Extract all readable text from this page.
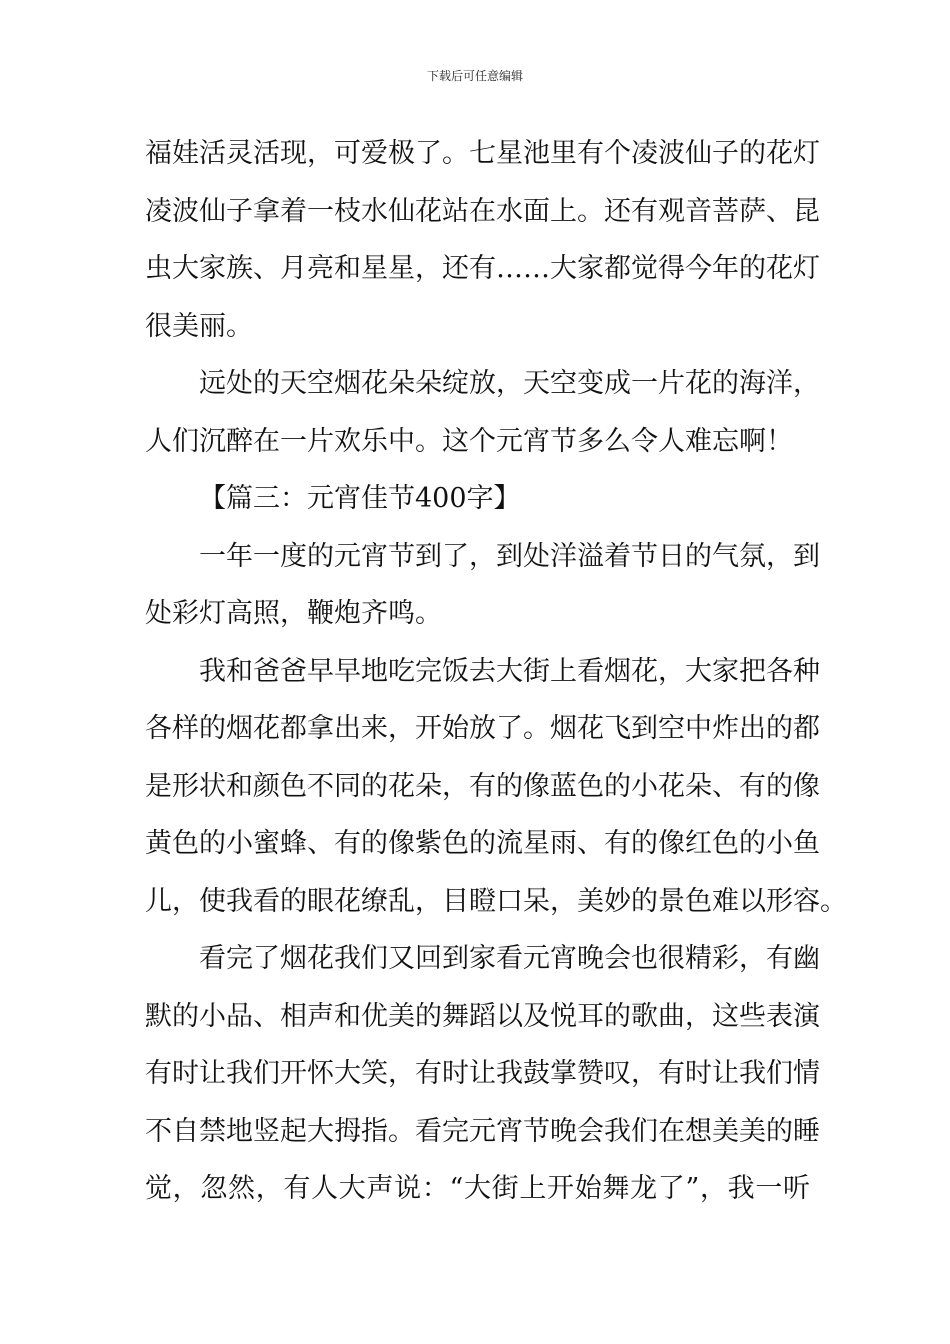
下载后可任意编辑
福娃活灵活现，可爱极了。七星池里有个凌波仙子的花灯
凌波仙子拿着一枝水仙花站在水面上。还有观音菩萨、昆
虫大家族、月亮和星星，还有……大家都觉得今年的花灯
很美丽。
远处的天空烟花朵朵绽放，天空变成一片花的海洋，
人们沉醉在一片欢乐中。这个元宵节多么令人难忘啊！
【篇三：元宵佳节400字】
一年一度的元宵节到了，到处洋溢着节日的气氛，到
处彩灯高照，鞭炮齐鸣。
我和爸爸早早地吃完饭去大街上看烟花，大家把各种
各样的烟花都拿出来，开始放了。烟花飞到空中炸出的都
是形状和颜色不同的花朵，有的像蓝色的小花朵、有的像
黄色的小蜜蜂、有的像紫色的流星雨、有的像红色的小鱼
儿，使我看的眼花缭乱，目瞪口呆，美妙的景色难以形容。
看完了烟花我们又回到家看元宵晚会也很精彩，有幽
默的小品、相声和优美的舞蹈以及悦耳的歌曲，这些表演
有时让我们开怀大笑，有时让我鼓掌赞叹，有时让我们情
不自禁地竖起大拇指。看完元宵节晚会我们在想美美的睡
觉，忽然，有人大声说：“大街上开始舞龙了”，我一听
